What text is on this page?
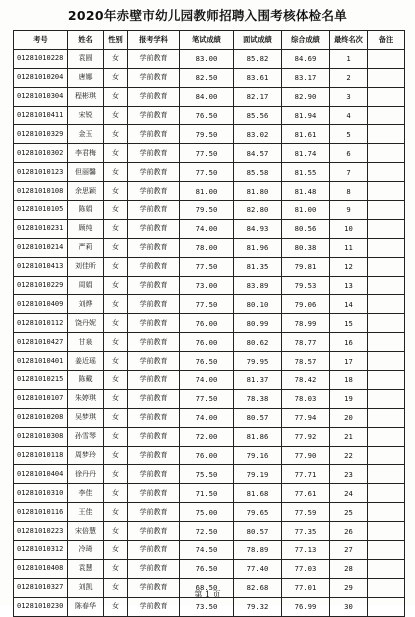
2020年赤壁市幼儿园教师招聘入围考核体检名单
考号	姓名	性别	报考学科	笔试成绩	面试成绩	综合成绩	最终名次	备注
01281010228	袁圆	女	学前教育	83.00	85.82	84.69	1	
01281010204	唐娜	女	学前教育	82.50	83.61	83.17	2	
01281010304	程彬琪	女	学前教育	84.00	82.17	82.90	3	
01281010411	宋锐	女	学前教育	76.50	85.56	81.94	4	
01281010329	金玉	女	学前教育	79.50	83.02	81.61	5	
01281010302	李君梅	女	学前教育	77.50	84.57	81.74	6	
01281010123	但丽馨	女	学前教育	77.50	85.58	81.55	7	
01281010108	余思颖	女	学前教育	81.00	81.80	81.48	8	
01281010105	陈娟	女	学前教育	79.50	82.80	81.00	9	
01281010231	顾纯	女	学前教育	74.00	84.93	80.56	10	
01281010214	严莉	女	学前教育	78.00	81.96	80.38	11	
01281010413	刘佳昕	女	学前教育	77.50	81.35	79.81	12	
01281010229	周娟	女	学前教育	73.00	83.89	79.53	13	
01281010409	刘烨	女	学前教育	77.50	80.10	79.06	14	
01281010112	饶丹妮	女	学前教育	76.00	80.99	78.99	15	
01281010427	甘泉	女	学前教育	76.00	80.62	78.77	16	
01281010401	姜近瑶	女	学前教育	76.50	79.95	78.57	17	
01281010215	陈戴	女	学前教育	74.00	81.37	78.42	18	
01281010107	朱婷琪	女	学前教育	77.50	78.38	78.03	19	
01281010208	吴梦琪	女	学前教育	74.00	80.57	77.94	20	
01281010308	孙雪琴	女	学前教育	72.00	81.86	77.92	21	
01281010118	周梦玲	女	学前教育	76.00	79.16	77.90	22	
01281010404	徐丹丹	女	学前教育	75.50	79.19	77.71	23	
01281010310	李佳	女	学前教育	71.50	81.68	77.61	24	
01281010116	王佳	女	学前教育	75.00	79.65	77.59	25	
01281010223	宋倍慧	女	学前教育	72.50	80.57	77.35	26	
01281010312	冷琦	女	学前教育	74.50	78.89	77.13	27	
01281010408	袁慧	女	学前教育	76.50	77.40	77.03	28	
01281010327	刘凯	女	学前教育	68.50	82.68	77.01	29	
01281010230	陈春华	女	学前教育	73.50	79.32	76.99	30	
第 1 页
